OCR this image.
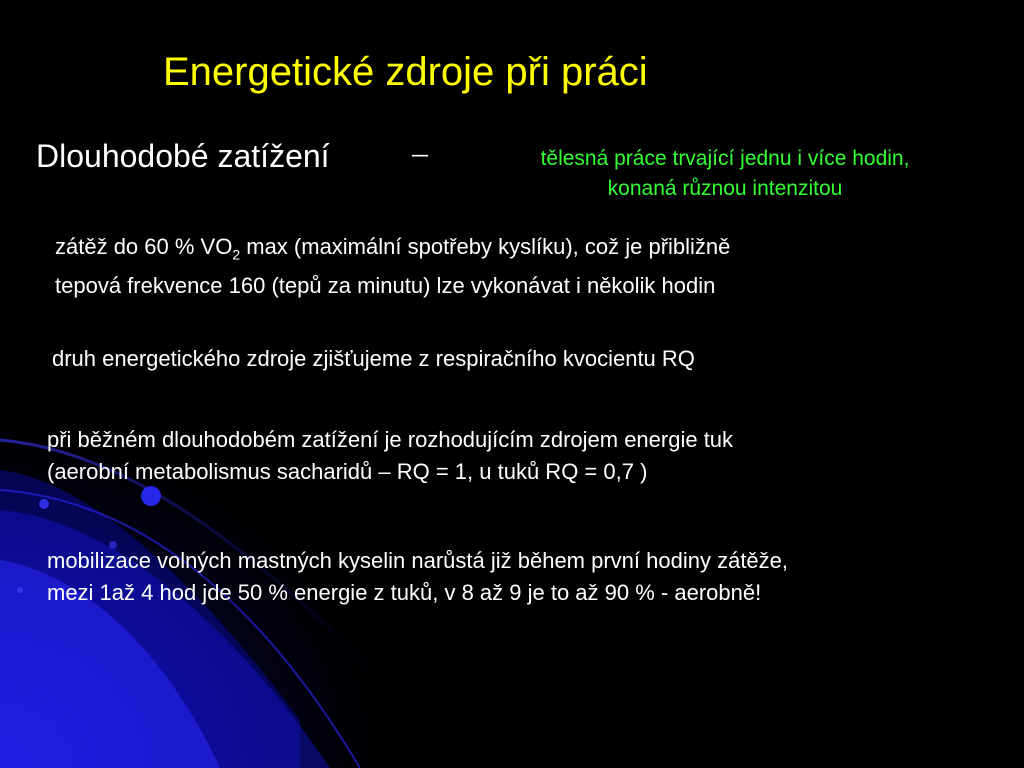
Energetické zdroje při práci
Dlouhodobé zatížení	–	tělesná práce trvající jednu i více hodin,
konaná různou intenzitou
zátěž do 60 % $VO_2$ max (maximální spotřeby kyslíku), což je přibližně
tepová frekvence 160 (tepů za minutu) lze vykonávat i několik hodin
druh energetického zdroje zjišťujeme z respiračního kvocientu RQ
při běžném dlouhodobém zatížení je rozhodujícím zdrojem energie tuk
(aerobní metabolismus sacharidů – RQ = 1, u tuků RQ = 0,7 )
mobilizace volných mastných kyselin narůstá již během první hodiny zátěže,
mezi 1až 4 hod jde 50 % energie z tuků, v 8 až 9 je to až 90 % - aerobně!
